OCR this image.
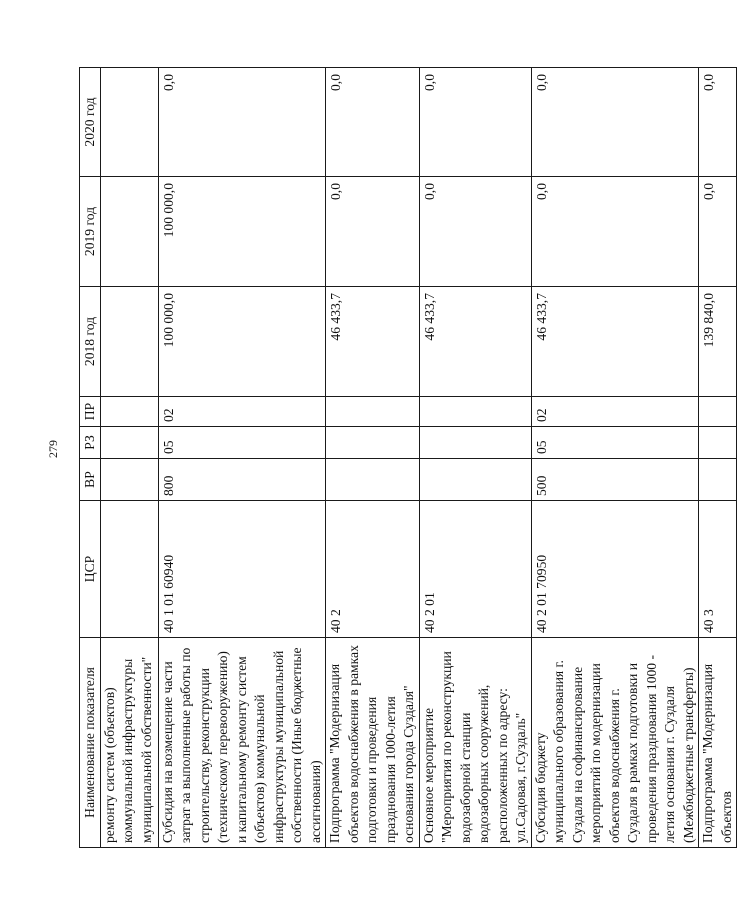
279
Наименование показателя	ЦСР	ВР	РЗ	ПР	2018 год	2019 год	2020 год
ремонту систем (объектов) коммунальной инфраструктуры муниципальной собственности"							
Субсидия на возмещение части затрат за выполненные работы по строительству, реконструкции (техническому перевооружению) и капитальному ремонту систем (объектов) коммунальной инфраструктуры муниципальной собственности (Иные бюджетные ассигнования)	40 1 01 60940	800	05	02	100 000,0	100 000,0	0,0
Подпрограмма "Модернизация объектов водоснабжения в рамках подготовки и проведения празднования 1000-летия основания города Суздаля"	40 2				46 433,7	0,0	0,0
Основное мероприятие "Мероприятия по реконструкции водозаборной станции водозаборных сооружений, расположенных по адресу: ул.Садовая, г.Суздаль"	40 2 01				46 433,7	0,0	0,0
Субсидия бюджету муниципального образования г. Суздаля на софинансирование мероприятий по модернизации объектов водоснабжения г. Суздаля в рамках подготовки и проведения празднования 1000 - летия основания г. Суздаля (Межбюджетные трансферты)	40 2 01 70950	500	05	02	46 433,7	0,0	0,0
Подпрограмма "Модернизация объектов	40 3				139 840,0	0,0	0,0
